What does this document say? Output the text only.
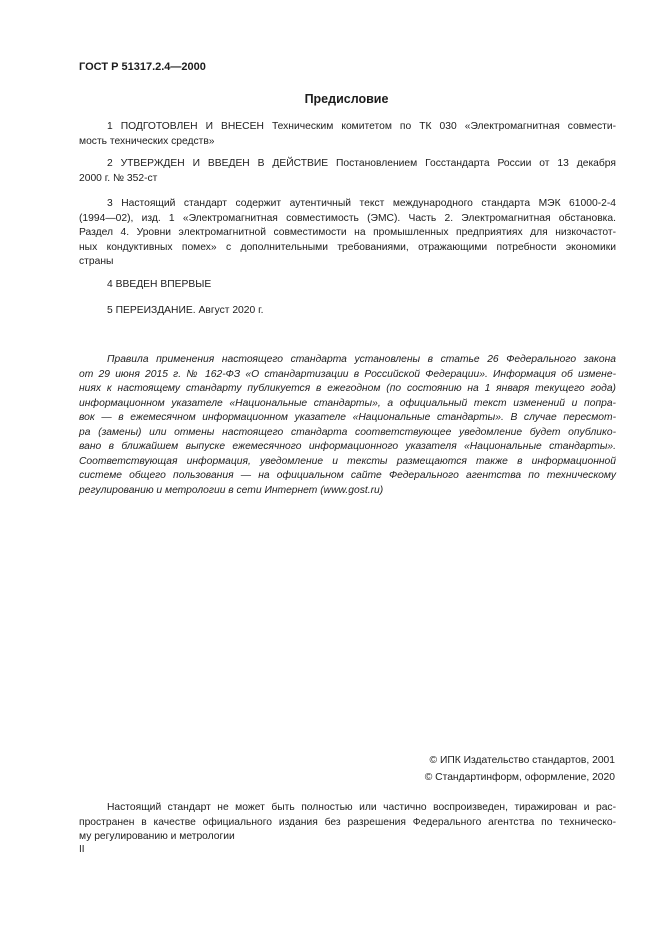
ГОСТ Р 51317.2.4—2000
Предисловие

1 ПОДГОТОВЛЕН И ВНЕСЕН Техническим комитетом по ТК 030 «Электромагнитная совмести-
мость технических средств»

2 УТВЕРЖДЕН И ВВЕДЕН В ДЕЙСТВИЕ Постановлением Госстандарта России от 13 декабря
2000 г. № 352-ст

3 Настоящий стандарт содержит аутентичный текст международного стандарта МЭК 61000-2-4
(1994—02), изд. 1 «Электромагнитная совместимость (ЭМС). Часть 2. Электромагнитная обстановка.
Раздел 4. Уровни электромагнитной совместимости на промышленных предприятиях для низкочастот-
ных кондуктивных помех» с дополнительными требованиями, отражающими потребности экономики
страны

4 ВВЕДЕН ВПЕРВЫЕ

5 ПЕРЕИЗДАНИЕ. Август 2020 г.

Правила применения настоящего стандарта установлены в статье 26 Федерального закона
от 29 июня 2015 г. № 162-ФЗ «О стандартизации в Российской Федерации». Информация об измене-
ниях к настоящему стандарту публикуется в ежегодном (по состоянию на 1 января текущего года)
информационном указателе «Национальные стандарты», а официальный текст изменений и попра-
вок — в ежемесячном информационном указателе «Национальные стандарты». В случае пересмот-
ра (замены) или отмены настоящего стандарта соответствующее уведомление будет опублико-
вано в ближайшем выпуске ежемесячного информационного указателя «Национальные стандарты».
Соответствующая информация, уведомление и тексты размещаются также в информационной
системе общего пользования — на официальном сайте Федерального агентства по техническому
регулированию и метрологии в сети Интернет (www.gost.ru)

© ИПК Издательство стандартов, 2001
© Стандартинформ, оформление, 2020

Настоящий стандарт не может быть полностью или частично воспроизведен, тиражирован и рас-
пространен в качестве официального издания без разрешения Федерального агентства по техническо-
му регулированию и метрологии

II
